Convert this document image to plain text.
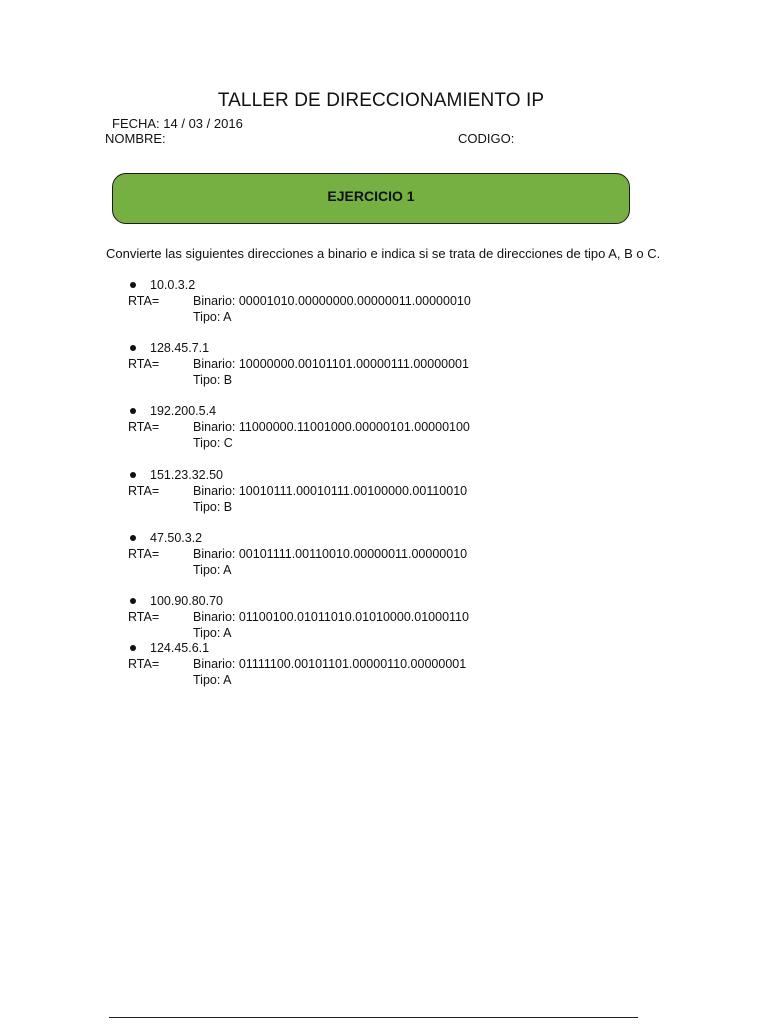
TALLER DE DIRECCIONAMIENTO IP
FECHA: 14 / 03 / 2016
NOMBRE:	CODIGO:
EJERCICIO 1
Convierte las siguientes direcciones a binario e indica si se trata de direcciones de tipo A, B o C.
10.0.3.2
RTA=	Binario: 00001010.00000000.00000011.00000010
Tipo: A
128.45.7.1
RTA=	Binario: 10000000.00101101.00000111.00000001
Tipo: B
192.200.5.4
RTA=	Binario: 11000000.11001000.00000101.00000100
Tipo: C
151.23.32.50
RTA=	Binario: 10010111.00010111.00100000.00110010
Tipo: B
47.50.3.2
RTA=	Binario: 00101111.00110010.00000011.00000010
Tipo: A
100.90.80.70
RTA=	Binario: 01100100.01011010.01010000.01000110
Tipo: A
124.45.6.1
RTA=	Binario: 01111100.00101101.00000110.00000001
Tipo: A
